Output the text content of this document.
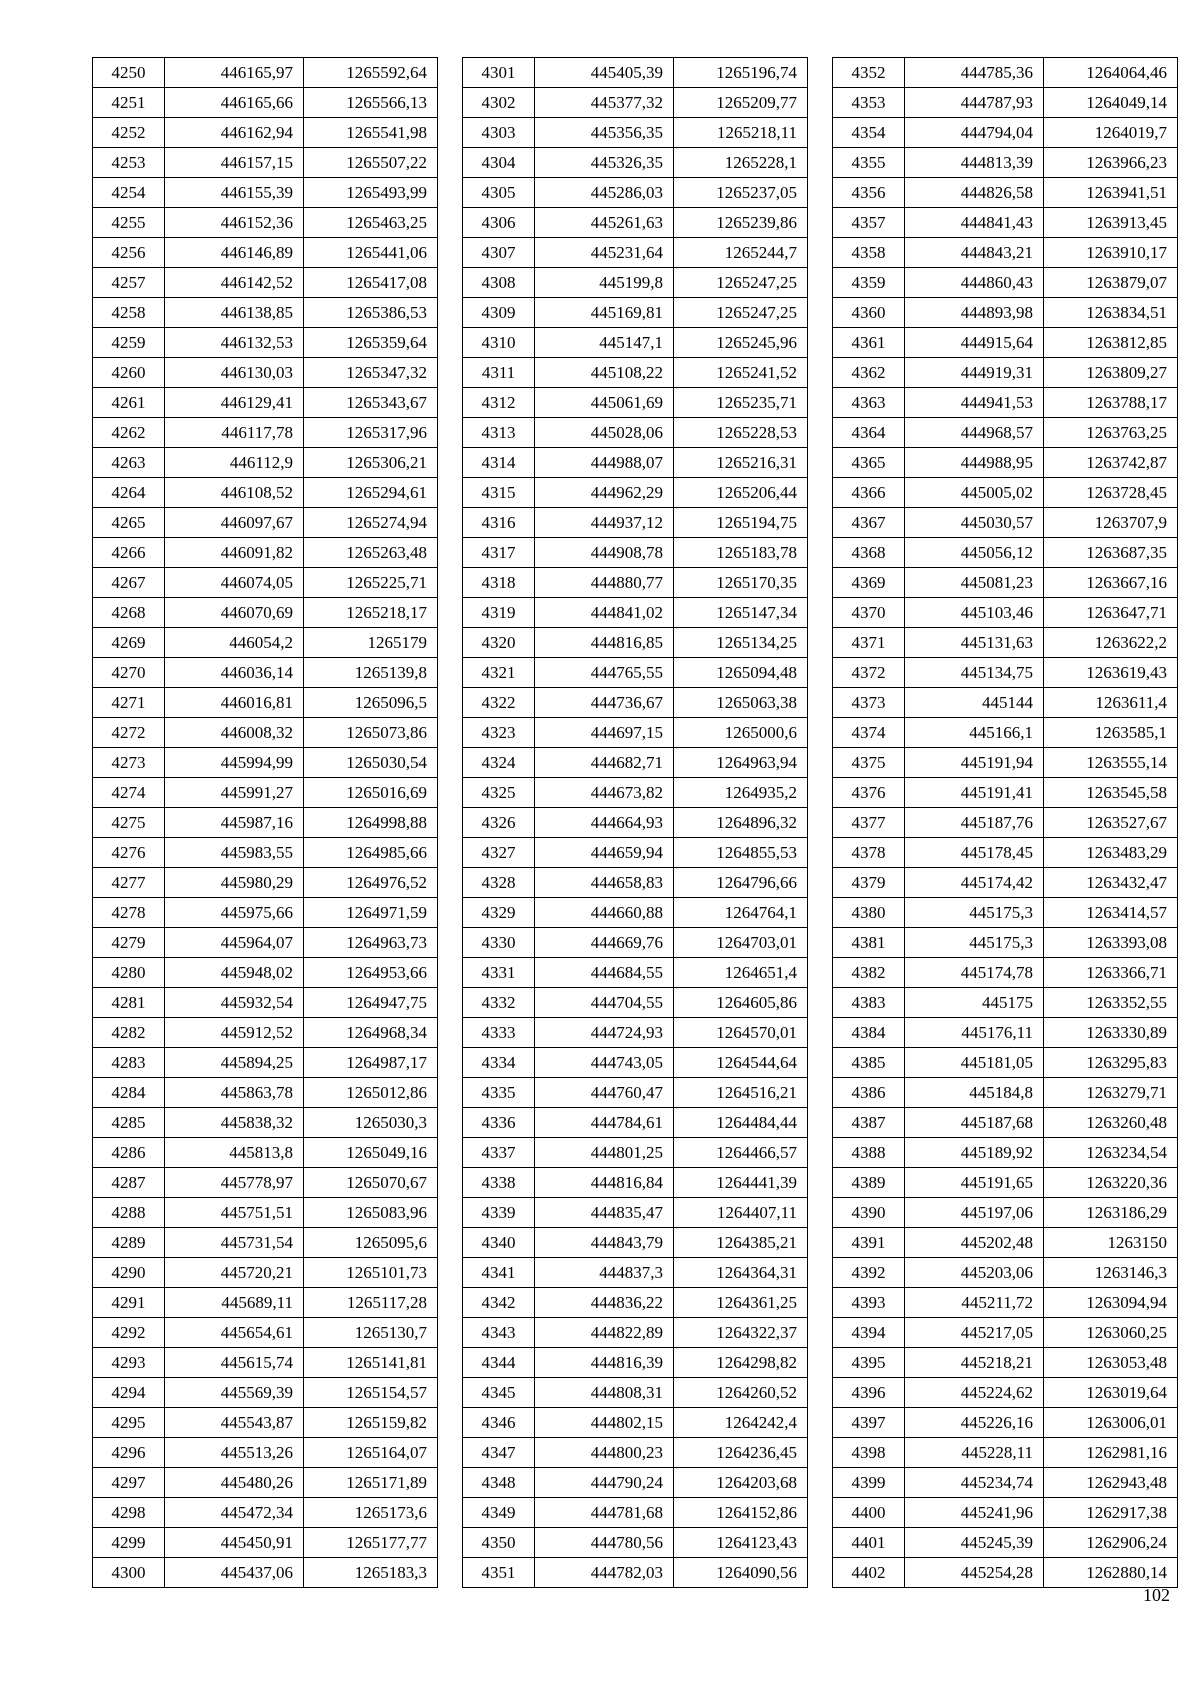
4250	446165,97	1265592,64
4251	446165,66	1265566,13
4252	446162,94	1265541,98
4253	446157,15	1265507,22
4254	446155,39	1265493,99
4255	446152,36	1265463,25
4256	446146,89	1265441,06
4257	446142,52	1265417,08
4258	446138,85	1265386,53
4259	446132,53	1265359,64
4260	446130,03	1265347,32
4261	446129,41	1265343,67
4262	446117,78	1265317,96
4263	446112,9	1265306,21
4264	446108,52	1265294,61
4265	446097,67	1265274,94
4266	446091,82	1265263,48
4267	446074,05	1265225,71
4268	446070,69	1265218,17
4269	446054,2	1265179
4270	446036,14	1265139,8
4271	446016,81	1265096,5
4272	446008,32	1265073,86
4273	445994,99	1265030,54
4274	445991,27	1265016,69
4275	445987,16	1264998,88
4276	445983,55	1264985,66
4277	445980,29	1264976,52
4278	445975,66	1264971,59
4279	445964,07	1264963,73
4280	445948,02	1264953,66
4281	445932,54	1264947,75
4282	445912,52	1264968,34
4283	445894,25	1264987,17
4284	445863,78	1265012,86
4285	445838,32	1265030,3
4286	445813,8	1265049,16
4287	445778,97	1265070,67
4288	445751,51	1265083,96
4289	445731,54	1265095,6
4290	445720,21	1265101,73
4291	445689,11	1265117,28
4292	445654,61	1265130,7
4293	445615,74	1265141,81
4294	445569,39	1265154,57
4295	445543,87	1265159,82
4296	445513,26	1265164,07
4297	445480,26	1265171,89
4298	445472,34	1265173,6
4299	445450,91	1265177,77
4300	445437,06	1265183,3
4301	445405,39	1265196,74
4302	445377,32	1265209,77
4303	445356,35	1265218,11
4304	445326,35	1265228,1
4305	445286,03	1265237,05
4306	445261,63	1265239,86
4307	445231,64	1265244,7
4308	445199,8	1265247,25
4309	445169,81	1265247,25
4310	445147,1	1265245,96
4311	445108,22	1265241,52
4312	445061,69	1265235,71
4313	445028,06	1265228,53
4314	444988,07	1265216,31
4315	444962,29	1265206,44
4316	444937,12	1265194,75
4317	444908,78	1265183,78
4318	444880,77	1265170,35
4319	444841,02	1265147,34
4320	444816,85	1265134,25
4321	444765,55	1265094,48
4322	444736,67	1265063,38
4323	444697,15	1265000,6
4324	444682,71	1264963,94
4325	444673,82	1264935,2
4326	444664,93	1264896,32
4327	444659,94	1264855,53
4328	444658,83	1264796,66
4329	444660,88	1264764,1
4330	444669,76	1264703,01
4331	444684,55	1264651,4
4332	444704,55	1264605,86
4333	444724,93	1264570,01
4334	444743,05	1264544,64
4335	444760,47	1264516,21
4336	444784,61	1264484,44
4337	444801,25	1264466,57
4338	444816,84	1264441,39
4339	444835,47	1264407,11
4340	444843,79	1264385,21
4341	444837,3	1264364,31
4342	444836,22	1264361,25
4343	444822,89	1264322,37
4344	444816,39	1264298,82
4345	444808,31	1264260,52
4346	444802,15	1264242,4
4347	444800,23	1264236,45
4348	444790,24	1264203,68
4349	444781,68	1264152,86
4350	444780,56	1264123,43
4351	444782,03	1264090,56
4352	444785,36	1264064,46
4353	444787,93	1264049,14
4354	444794,04	1264019,7
4355	444813,39	1263966,23
4356	444826,58	1263941,51
4357	444841,43	1263913,45
4358	444843,21	1263910,17
4359	444860,43	1263879,07
4360	444893,98	1263834,51
4361	444915,64	1263812,85
4362	444919,31	1263809,27
4363	444941,53	1263788,17
4364	444968,57	1263763,25
4365	444988,95	1263742,87
4366	445005,02	1263728,45
4367	445030,57	1263707,9
4368	445056,12	1263687,35
4369	445081,23	1263667,16
4370	445103,46	1263647,71
4371	445131,63	1263622,2
4372	445134,75	1263619,43
4373	445144	1263611,4
4374	445166,1	1263585,1
4375	445191,94	1263555,14
4376	445191,41	1263545,58
4377	445187,76	1263527,67
4378	445178,45	1263483,29
4379	445174,42	1263432,47
4380	445175,3	1263414,57
4381	445175,3	1263393,08
4382	445174,78	1263366,71
4383	445175	1263352,55
4384	445176,11	1263330,89
4385	445181,05	1263295,83
4386	445184,8	1263279,71
4387	445187,68	1263260,48
4388	445189,92	1263234,54
4389	445191,65	1263220,36
4390	445197,06	1263186,29
4391	445202,48	1263150
4392	445203,06	1263146,3
4393	445211,72	1263094,94
4394	445217,05	1263060,25
4395	445218,21	1263053,48
4396	445224,62	1263019,64
4397	445226,16	1263006,01
4398	445228,11	1262981,16
4399	445234,74	1262943,48
4400	445241,96	1262917,38
4401	445245,39	1262906,24
4402	445254,28	1262880,14
102
